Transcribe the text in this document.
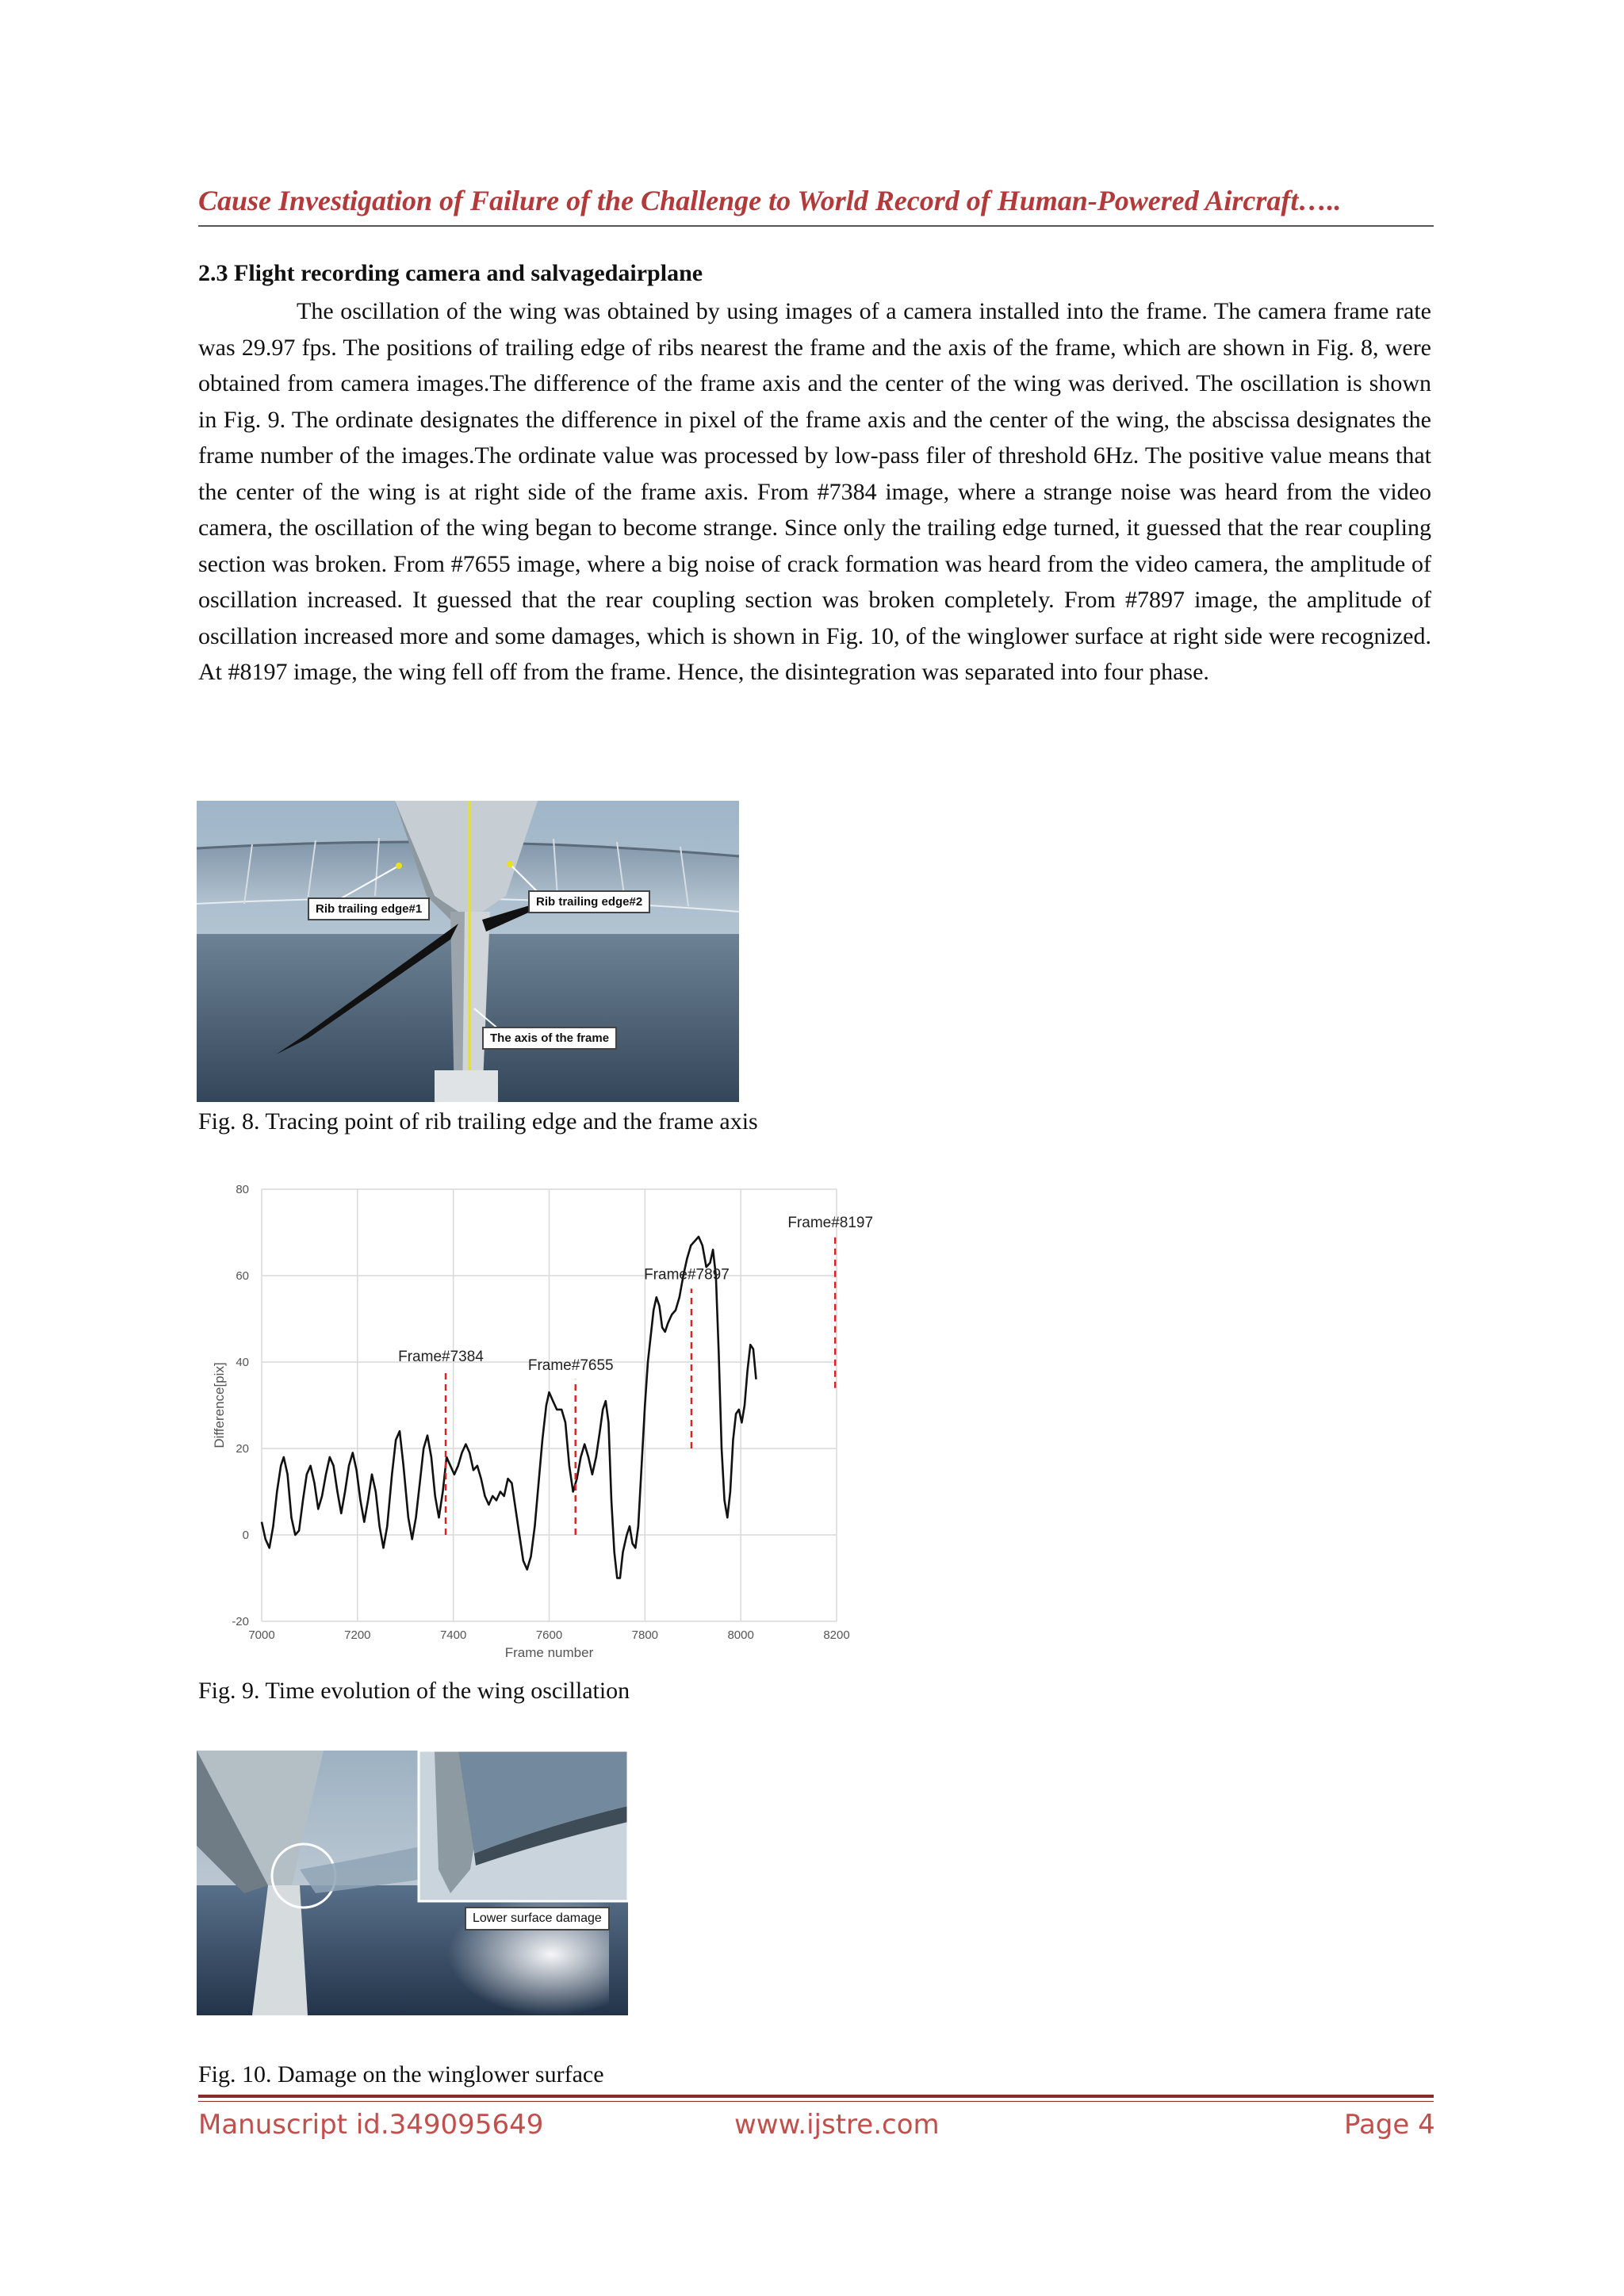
Cause Investigation of Failure of the Challenge to World Record of Human-Powered Aircraft…..
2.3 Flight recording camera and salvagedairplane

The oscillation of the wing was obtained by using images of a camera installed into the frame. The camera frame rate was 29.97 fps. The positions of trailing edge of ribs nearest the frame and the axis of the frame, which are shown in Fig. 8, were obtained from camera images.The difference of the frame axis and the center of the wing was derived. The oscillation is shown in Fig. 9. The ordinate designates the difference in pixel of the frame axis and the center of the wing, the abscissa designates the frame number of the images.The ordinate value was processed by low-pass filer of threshold 6Hz. The positive value means that the center of the wing is at right side of the frame axis. From #7384 image, where a strange noise was heard from the video camera, the oscillation of the wing began to become strange. Since only the trailing edge turned, it guessed that the rear coupling section was broken. From #7655 image, where a big noise of crack formation was heard from the video camera, the amplitude of oscillation increased. It guessed that the rear coupling section was broken completely. From #7897 image, the amplitude of oscillation increased more and some damages, which is shown in Fig. 10, of the winglower surface at right side were recognized. At #8197 image, the wing fell off from the frame. Hence, the disintegration was separated into four phase.

Rib trailing edge#1
Rib trailing edge#2
The axis of the frame
Fig. 8. Tracing point of rib trailing edge and the frame axis
7000	7200	7400	7600	7800	8000	8200
-20
0
20
40
60
80
Frame number
Difference[pix]
Frame#7384
Frame#7655
Frame#7897
Frame#8197
Fig. 9. Time evolution of the wing oscillation
Lower surface damage
Fig. 10. Damage on the winglower surface
Manuscript id.349095649	www.ijstre.com	Page 4
